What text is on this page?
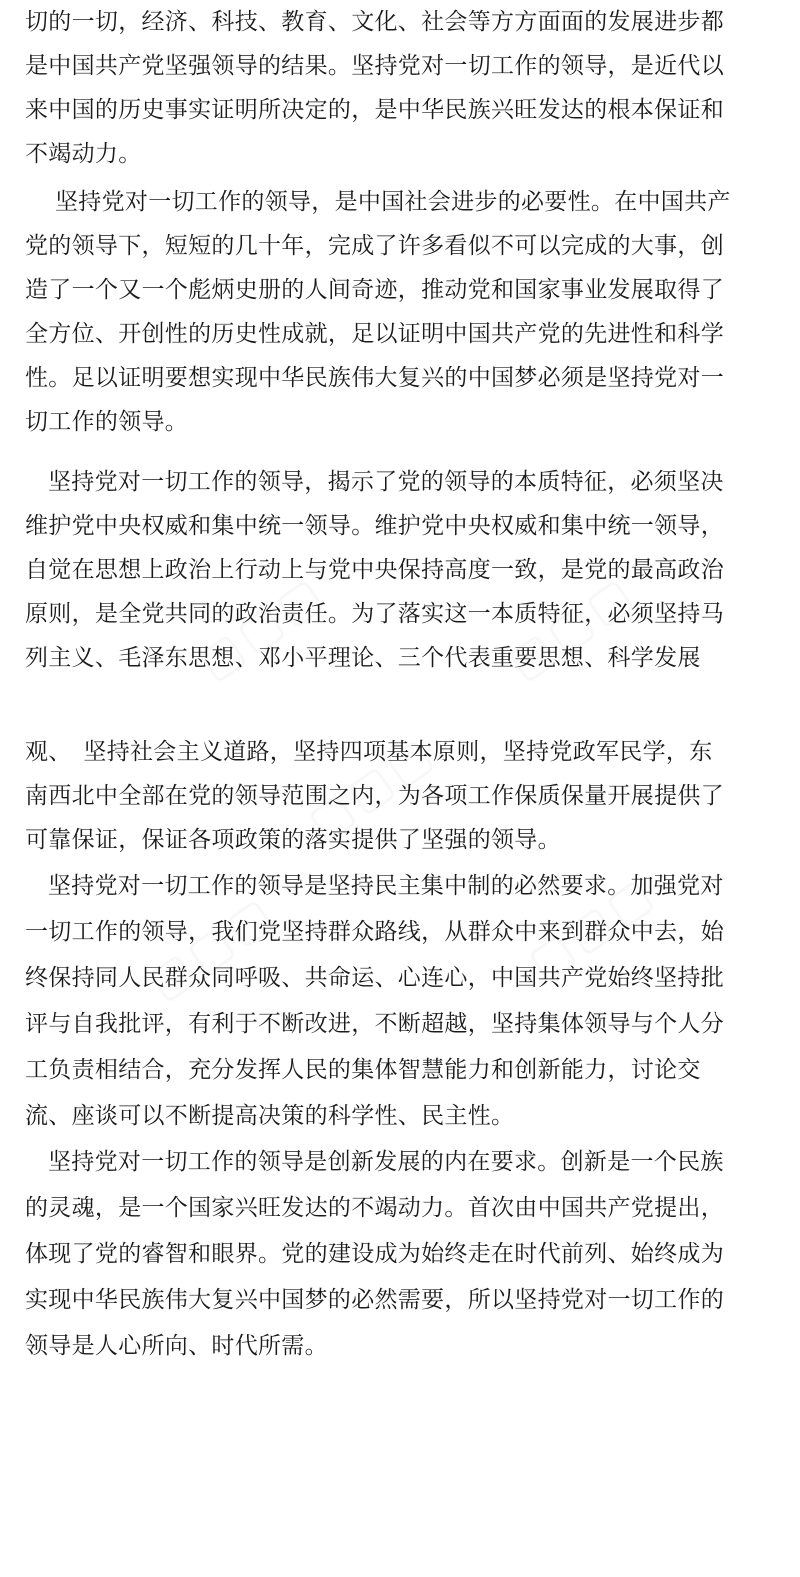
▢▢▢	▢▢▢
▢▢▢
▢▢▢	▢▢▢
切的一切，经济、科技、教育、文化、社会等方方面面的发展进步都
是中国共产党坚强领导的结果。坚持党对一切工作的领导，是近代以
来中国的历史事实证明所决定的，是中华民族兴旺发达的根本保证和
不竭动力。
坚持党对一切工作的领导，是中国社会进步的必要性。在中国共产
党的领导下，短短的几十年，完成了许多看似不可以完成的大事，创
造了一个又一个彪炳史册的人间奇迹，推动党和国家事业发展取得了
全方位、开创性的历史性成就，足以证明中国共产党的先进性和科学
性。足以证明要想实现中华民族伟大复兴的中国梦必须是坚持党对一
切工作的领导。
坚持党对一切工作的领导，揭示了党的领导的本质特征，必须坚决
维护党中央权威和集中统一领导。维护党中央权威和集中统一领导，
自觉在思想上政治上行动上与党中央保持高度一致，是党的最高政治
原则，是全党共同的政治责任。为了落实这一本质特征，必须坚持马
列主义、毛泽东思想、邓小平理论、三个代表重要思想、科学发展
观、　坚持社会主义道路，坚持四项基本原则，坚持党政军民学，东
南西北中全部在党的领导范围之内，为各项工作保质保量开展提供了
可靠保证，保证各项政策的落实提供了坚强的领导。
坚持党对一切工作的领导是坚持民主集中制的必然要求。加强党对
一切工作的领导，我们党坚持群众路线，从群众中来到群众中去，始
终保持同人民群众同呼吸、共命运、心连心，中国共产党始终坚持批
评与自我批评，有利于不断改进，不断超越，坚持集体领导与个人分
工负责相结合，充分发挥人民的集体智慧能力和创新能力，讨论交
流、座谈可以不断提高决策的科学性、民主性。
坚持党对一切工作的领导是创新发展的内在要求。创新是一个民族
的灵魂，是一个国家兴旺发达的不竭动力。首次由中国共产党提出，
体现了党的睿智和眼界。党的建设成为始终走在时代前列、始终成为
实现中华民族伟大复兴中国梦的必然需要，所以坚持党对一切工作的
领导是人心所向、时代所需。
